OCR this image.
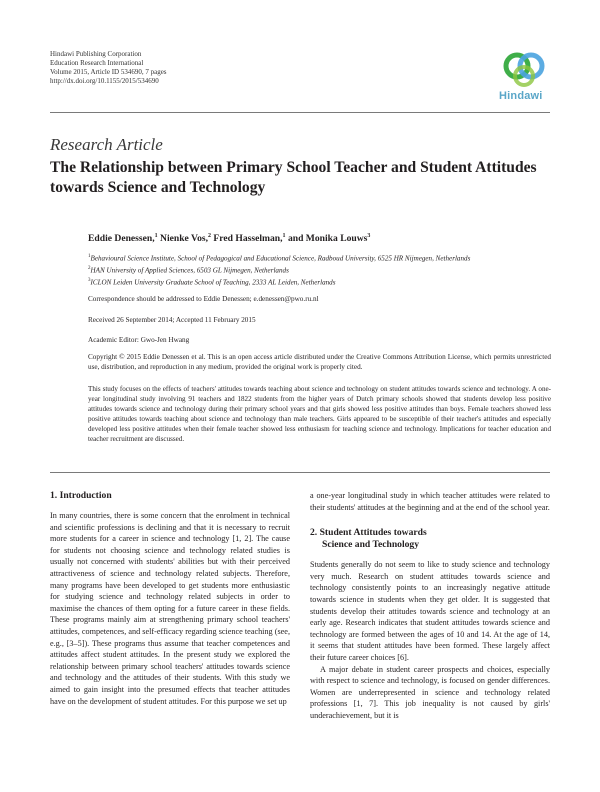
Hindawi Publishing Corporation
Education Research International
Volume 2015, Article ID 534690, 7 pages
http://dx.doi.org/10.1155/2015/534690
Hindawi
Research Article
The Relationship between Primary School Teacher and Student Attitudes towards Science and Technology
Eddie Denessen,$^1$ Nienke Vos,$^2$ Fred Hasselman,$^1$ and Monika Louws$^3$
$^1$Behavioural Science Institute, School of Pedagogical and Educational Science, Radboud University, 6525 HR Nijmegen, Netherlands
$^2$HAN University of Applied Sciences, 6503 GL Nijmegen, Netherlands
$^3$ICLON Leiden University Graduate School of Teaching, 2333 AL Leiden, Netherlands
Correspondence should be addressed to Eddie Denessen; e.denessen@pwo.ru.nl
Received 26 September 2014; Accepted 11 February 2015
Academic Editor: Gwo-Jen Hwang
Copyright © 2015 Eddie Denessen et al. This is an open access article distributed under the Creative Commons Attribution License, which permits unrestricted use, distribution, and reproduction in any medium, provided the original work is properly cited.
This study focuses on the effects of teachers' attitudes towards teaching about science and technology on student attitudes towards science and technology. A one-year longitudinal study involving 91 teachers and 1822 students from the higher years of Dutch primary schools showed that students develop less positive attitudes towards science and technology during their primary school years and that girls showed less positive attitudes than boys. Female teachers showed less positive attitudes towards teaching about science and technology than male teachers. Girls appeared to be susceptible of their teacher's attitudes and especially developed less positive attitudes when their female teacher showed less enthusiasm for teaching science and technology. Implications for teacher education and teacher recruitment are discussed.
1. Introduction

In many countries, there is some concern that the enrolment in technical and scientific professions is declining and that it is necessary to recruit more students for a career in science and technology [1, 2]. The cause for students not choosing science and technology related studies is usually not concerned with students' abilities but with their perceived attractiveness of science and technology related subjects. Therefore, many programs have been developed to get students more enthusiastic for studying science and technology related subjects in order to maximise the chances of them opting for a future career in these fields. These programs mainly aim at strengthening primary school teachers' attitudes, competences, and self-efficacy regarding science teaching (see, e.g., [3–5]). These programs thus assume that teacher competences and attitudes affect student attitudes. In the present study we explored the relationship between primary school teachers' attitudes towards science and technology and the attitudes of their students. With this study we aimed to gain insight into the presumed effects that teacher attitudes have on the development of student attitudes. For this purpose we set up

a one-year longitudinal study in which teacher attitudes were related to their students' attitudes at the beginning and at the end of the school year.

2. Student Attitudes towards
Science and Technology

Students generally do not seem to like to study science and technology very much. Research on student attitudes towards science and technology consistently points to an increasingly negative attitude towards science in students when they get older. It is suggested that students develop their attitudes towards science and technology at an early age. Research indicates that student attitudes towards science and technology are formed between the ages of 10 and 14. At the age of 14, it seems that student attitudes have been formed. These largely affect their future career choices [6].

A major debate in student career prospects and choices, especially with respect to science and technology, is focused on gender differences. Women are underrepresented in science and technology related professions [1, 7]. This job inequality is not caused by girls' underachievement, but it is
